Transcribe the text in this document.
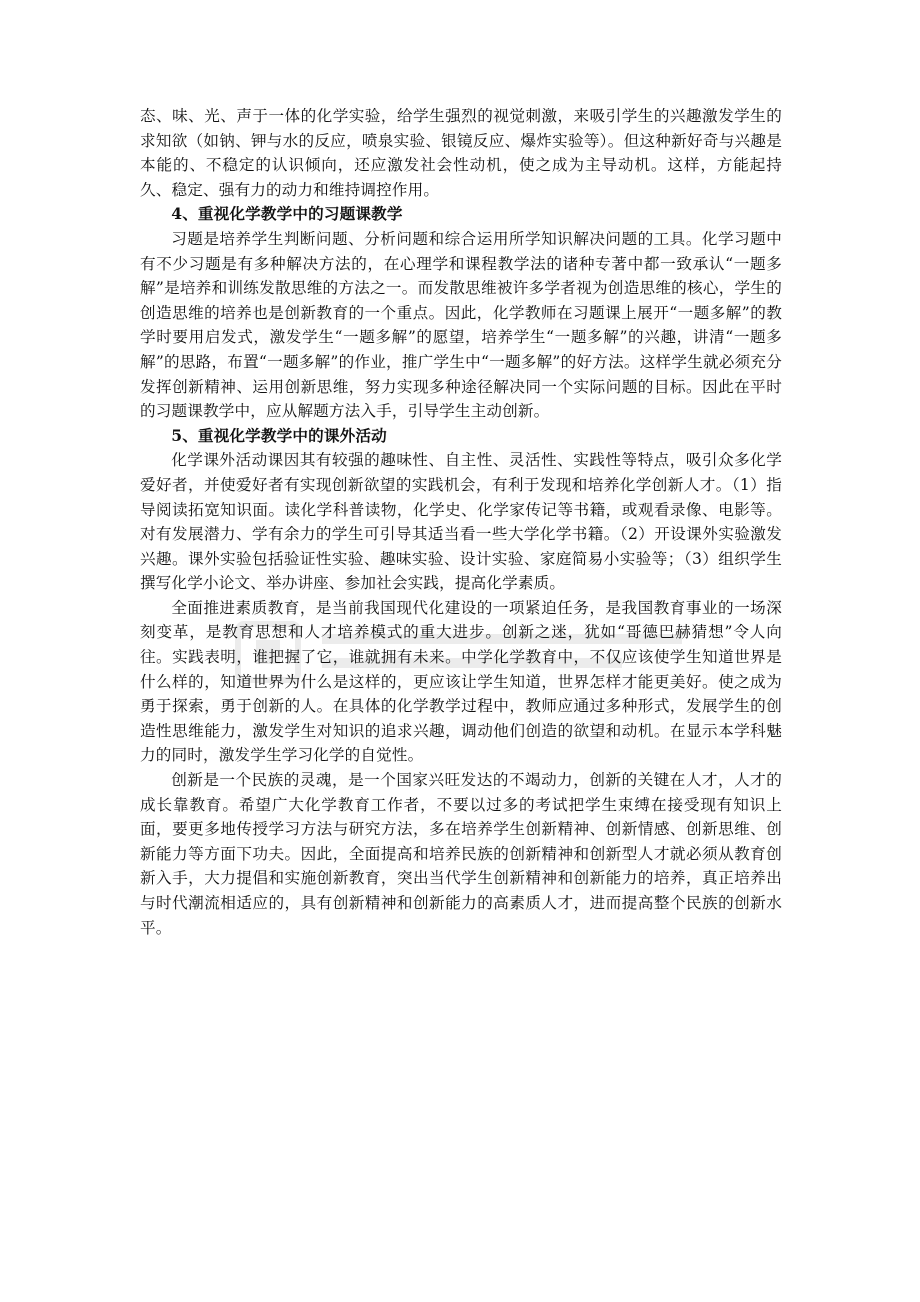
态、味、光、声于一体的化学实验，给学生强烈的视觉刺激，来吸引学生的兴趣激发学生的求知欲（如钠、钾与水的反应，喷泉实验、银镜反应、爆炸实验等）。但这种新好奇与兴趣是本能的、不稳定的认识倾向，还应激发社会性动机，使之成为主导动机。这样，方能起持久、稳定、强有力的动力和维持调控作用。

4、重视化学教学中的习题课教学

习题是培养学生判断问题、分析问题和综合运用所学知识解决问题的工具。化学习题中有不少习题是有多种解决方法的，在心理学和课程教学法的诸种专著中都一致承认“一题多解”是培养和训练发散思维的方法之一。而发散思维被许多学者视为创造思维的核心，学生的创造思维的培养也是创新教育的一个重点。因此，化学教师在习题课上展开“一题多解”的教学时要用启发式，激发学生“一题多解”的愿望，培养学生“一题多解”的兴趣，讲清“一题多解”的思路，布置“一题多解”的作业，推广学生中“一题多解”的好方法。这样学生就必须充分发挥创新精神、运用创新思维，努力实现多种途径解决同一个实际问题的目标。因此在平时的习题课教学中，应从解题方法入手，引导学生主动创新。

5、重视化学教学中的课外活动

化学课外活动课因其有较强的趣味性、自主性、灵活性、实践性等特点，吸引众多化学爱好者，并使爱好者有实现创新欲望的实践机会，有利于发现和培养化学创新人才。（1）指导阅读拓宽知识面。读化学科普读物，化学史、化学家传记等书籍，或观看录像、电影等。对有发展潜力、学有余力的学生可引导其适当看一些大学化学书籍。（2）开设课外实验激发兴趣。课外实验包括验证性实验、趣味实验、设计实验、家庭简易小实验等；（3）组织学生撰写化学小论文、举办讲座、参加社会实践，提高化学素质。

全面推进素质教育，是当前我国现代化建设的一项紧迫任务，是我国教育事业的一场深刻变革，是教育思想和人才培养模式的重大进步。创新之迷，犹如“哥德巴赫猜想”令人向往。实践表明，谁把握了它，谁就拥有未来。中学化学教育中，不仅应该使学生知道世界是什么样的，知道世界为什么是这样的，更应该让学生知道，世界怎样才能更美好。使之成为勇于探索，勇于创新的人。在具体的化学教学过程中，教师应通过多种形式，发展学生的创造性思维能力，激发学生对知识的追求兴趣，调动他们创造的欲望和动机。在显示本学科魅力的同时，激发学生学习化学的自觉性。

创新是一个民族的灵魂，是一个国家兴旺发达的不竭动力，创新的关键在人才，人才的成长靠教育。希望广大化学教育工作者，不要以过多的考试把学生束缚在接受现有知识上面，要更多地传授学习方法与研究方法，多在培养学生创新精神、创新情感、创新思维、创新能力等方面下功夫。因此，全面提高和培养民族的创新精神和创新型人才就必须从教育创新入手，大力提倡和实施创新教育，突出当代学生创新精神和创新能力的培养，真正培养出与时代潮流相适应的，具有创新精神和创新能力的高素质人才，进而提高整个民族的创新水平。
